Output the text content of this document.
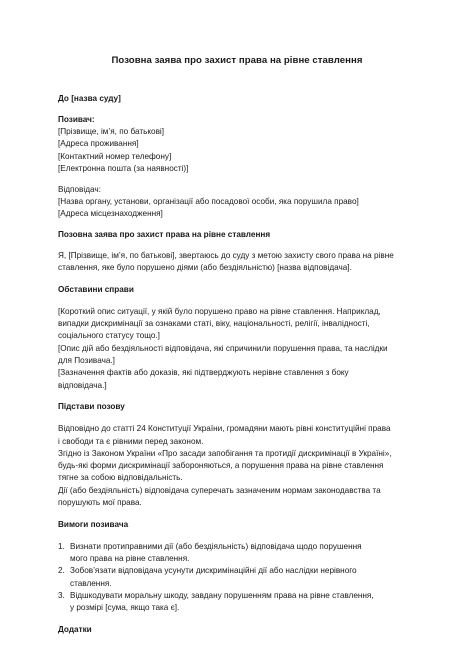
Позовна заява про захист права на рівне ставлення

До [назва суду]

Позивач:

[Прізвище, ім’я, по батькові]

[Адреса проживання]

[Контактний номер телефону]

[Електронна пошта (за наявності)]

Відповідач:

[Назва органу, установи, організації або посадової особи, яка порушила право]

[Адреса місцезнаходження]

Позовна заява про захист права на рівне ставлення

Я, [Прізвище, ім’я, по батькові], звертаюсь до суду з метою захисту свого права на рівне

ставлення, яке було порушено діями (або бездіяльністю) [назва відповідача].

Обставини справи

[Короткий опис ситуації, у якій було порушено право на рівне ставлення. Наприклад,

випадки дискримінації за ознаками статі, віку, національності, релігії, інвалідності,

соціального статусу тощо.]

[Опис дій або бездіяльності відповідача, які спричинили порушення права, та наслідки

для Позивача.]

[Зазначення фактів або доказів, які підтверджують нерівне ставлення з боку

відповідача.]

Підстави позову

Відповідно до статті 24 Конституції України, громадяни мають рівні конституційні права

і свободи та є рівними перед законом.

Згідно із Законом України «Про засади запобігання та протидії дискримінації в Україні»,

будь-які форми дискримінації забороняються, а порушення права на рівне ставлення

тягне за собою відповідальність.

Дії (або бездіяльність) відповідача суперечать зазначеним нормам законодавства та

порушують мої права.

Вимоги позивача

1. Визнати протиправними дії (або бездіяльність) відповідача щодо порушення

мого права на рівне ставлення.

2. Зобов’язати відповідача усунути дискримінаційні дії або наслідки нерівного

ставлення.

3. Відшкодувати моральну шкоду, завдану порушенням права на рівне ставлення,

у розмірі [сума, якщо така є].

Додатки
